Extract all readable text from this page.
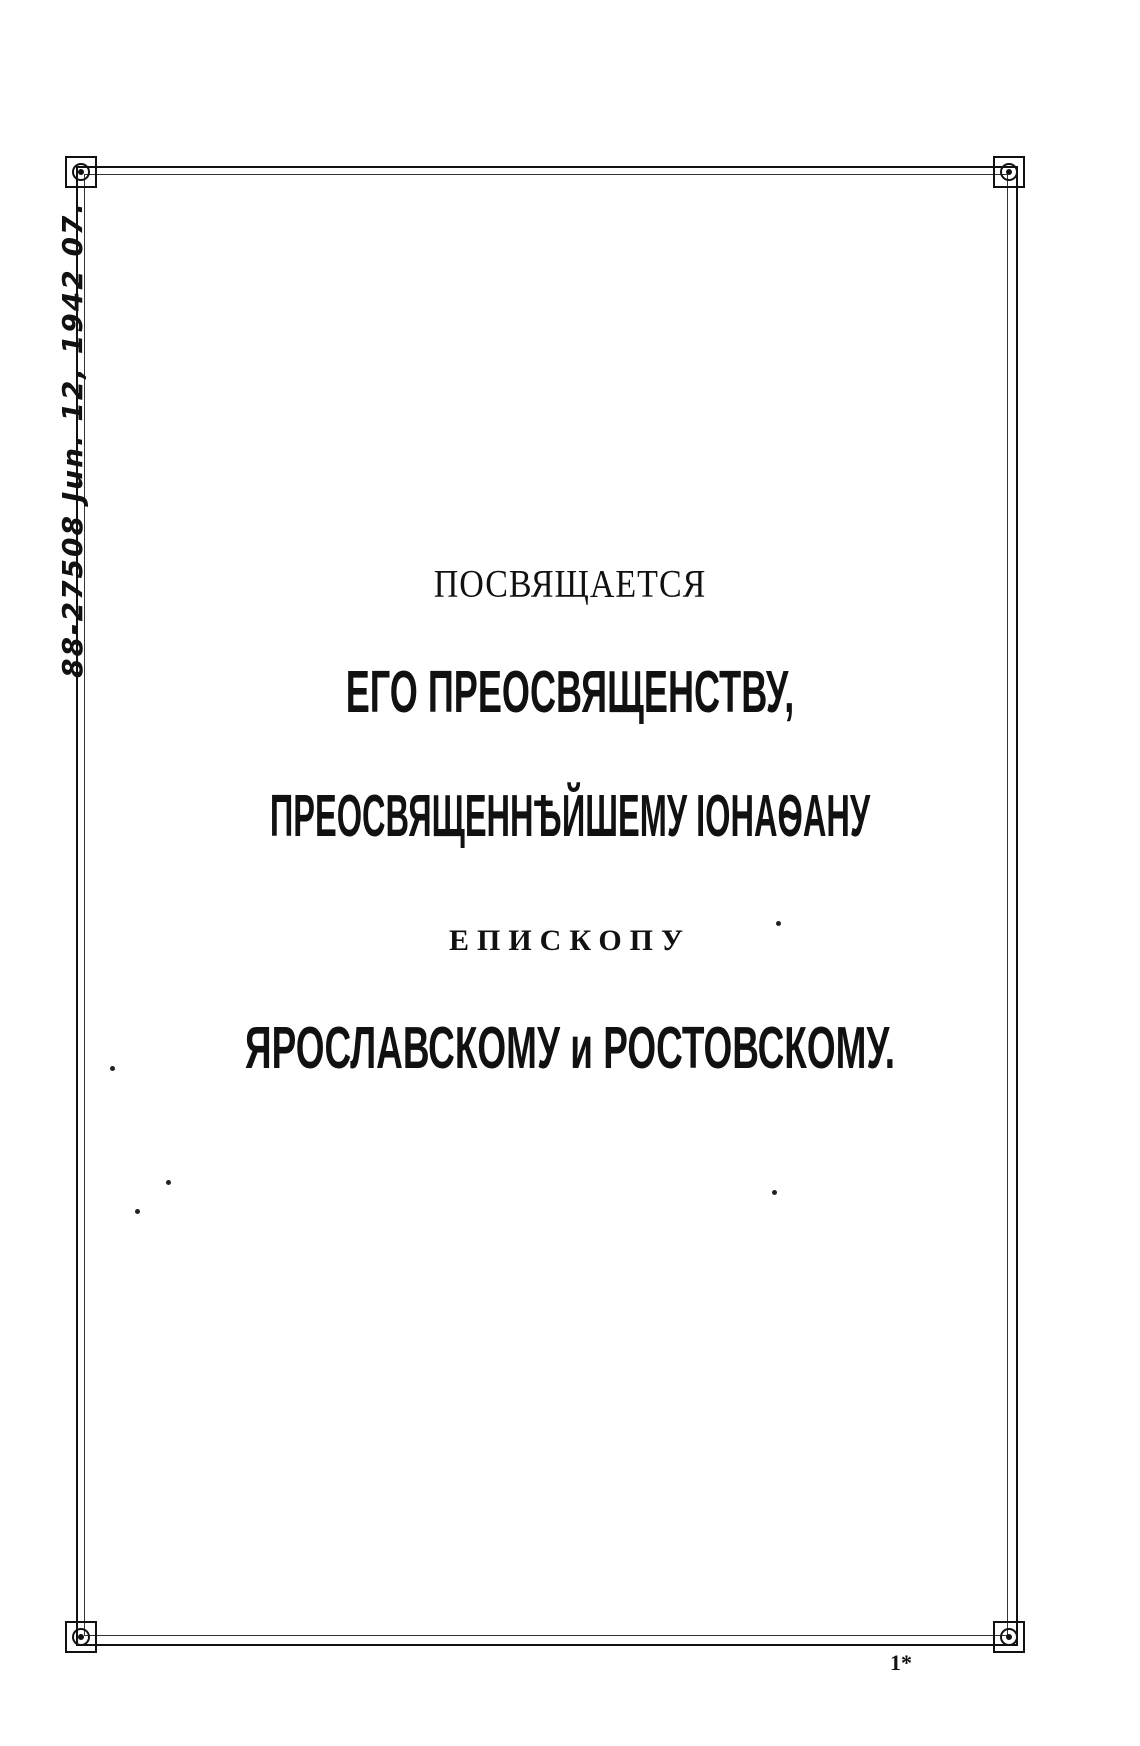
88-27508 Jun. 12, 1942 07.	ПОСВЯЩАЕТСЯ
ЕГО ПРЕОСВЯЩЕНСТВУ,
ПРЕОСВЯЩЕННѢЙШЕМУ ІОНАѲАНУ
ЕПИСКОПУ
ЯРОСЛАВСКОМУ и РОСТОВСКОМУ.
1*
